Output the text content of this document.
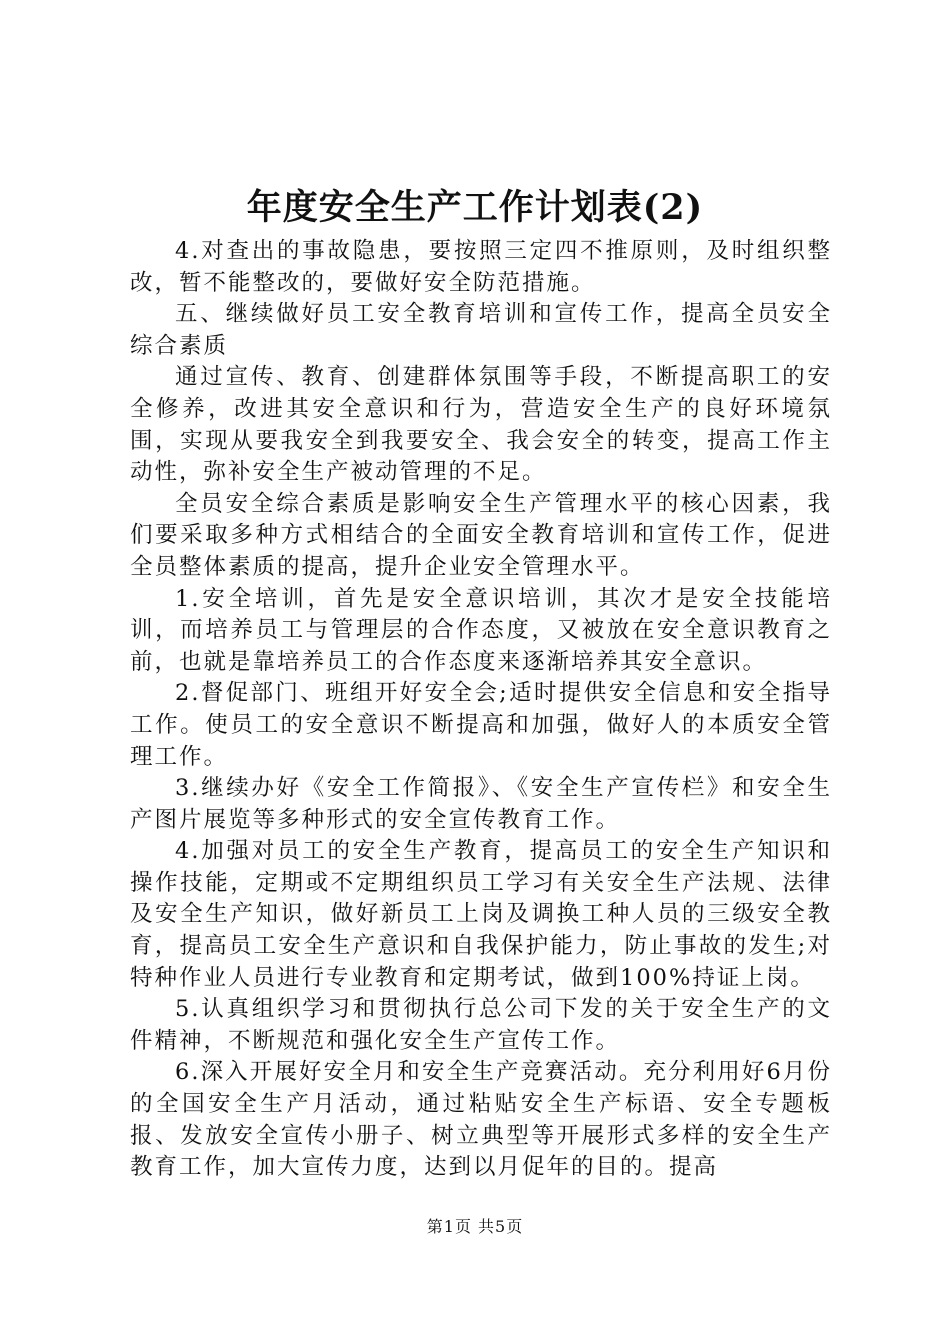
年度安全生产工作计划表(2)

4.对查出的事故隐患，要按照三定四不推原则，及时组织整改，暂不能整改的，要做好安全防范措施。

五、继续做好员工安全教育培训和宣传工作，提高全员安全综合素质

通过宣传、教育、创建群体氛围等手段，不断提高职工的安全修养，改进其安全意识和行为，营造安全生产的良好环境氛围，实现从要我安全到我要安全、我会安全的转变，提高工作主动性，弥补安全生产被动管理的不足。

全员安全综合素质是影响安全生产管理水平的核心因素，我们要采取多种方式相结合的全面安全教育培训和宣传工作，促进全员整体素质的提高，提升企业安全管理水平。

1.安全培训，首先是安全意识培训，其次才是安全技能培训，而培养员工与管理层的合作态度，又被放在安全意识教育之前，也就是靠培养员工的合作态度来逐渐培养其安全意识。

2.督促部门、班组开好安全会;适时提供安全信息和安全指导工作。使员工的安全意识不断提高和加强，做好人的本质安全管理工作。

3.继续办好《安全工作简报》、《安全生产宣传栏》和安全生产图片展览等多种形式的安全宣传教育工作。

4.加强对员工的安全生产教育，提高员工的安全生产知识和操作技能，定期或不定期组织员工学习有关安全生产法规、法律及安全生产知识，做好新员工上岗及调换工种人员的三级安全教育，提高员工安全生产意识和自我保护能力，防止事故的发生;对特种作业人员进行专业教育和定期考试，做到100%持证上岗。

5.认真组织学习和贯彻执行总公司下发的关于安全生产的文件精神，不断规范和强化安全生产宣传工作。

6.深入开展好安全月和安全生产竞赛活动。充分利用好6月份的全国安全生产月活动，通过粘贴安全生产标语、安全专题板报、发放安全宣传小册子、树立典型等开展形式多样的安全生产教育工作，加大宣传力度，达到以月促年的目的。提高

第1页 共5页
